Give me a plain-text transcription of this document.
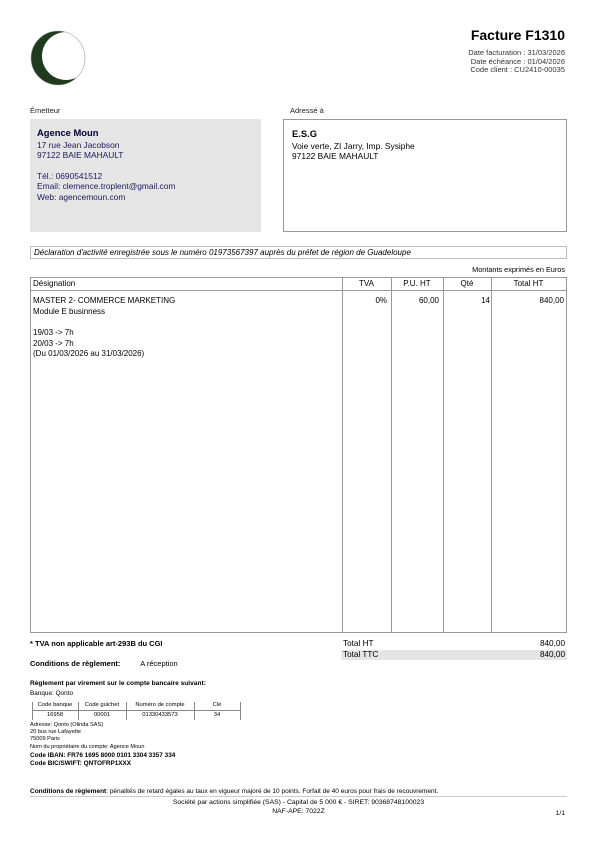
Facture F1310
Date facturation : 31/03/2026
Date échéance : 01/04/2026
Code client : CU2410-00035
Émetteur	Adressé à
Agence Moun
17 rue Jean Jacobson
97122 BAIE MAHAULT
Tél.: 0690541512
Email: clemence.troplent@gmail.com
Web: agencemoun.com
E.S.G
Voie verte, ZI Jarry, Imp. Sysiphe
97122 BAIE MAHAULT
Déclaration d'activité enregistrée sous le numéro 01973567397 auprès du préfet de région de Guadeloupe
Montants exprimés en Euros
Désignation	TVA	P.U. HT	Qté	Total HT
MASTER 2- COMMERCE MARKETING
Module E businness
19/03 -> 7h
20/03 -> 7h
(Du 01/03/2026 au 31/03/2026)
0%	60,00	14	840,00
* TVA non applicable art-293B du CGI	Total HT	840,00
Total TTC	840,00
Conditions de règlement:	A réception
Règlement par virement sur le compte bancaire suivant:
Banque: Qonto
Code banque	Code guichet	Numéro de compte	Clé
16958	00001	01330433573	34
Adresse: Qonto (Olinda SAS)
20 bus rue Lafayette
75009 Paris
Nom du propriétaire du compte: Agence Moun
Code IBAN: FR76 1695 8000 0101 3304 3357 334
Code BIC/SWIFT: QNTOFRP1XXX
Conditions de règlement: pénalités de retard égales au taux en vigueur majoré de 10 points. Forfait de 40 euros pour frais de recouvrement.
Société par actions simplifiée (SAS) - Capital de 5 000 € - SIRET: 90368748100023
NAF-APE: 7022Z	1/1
